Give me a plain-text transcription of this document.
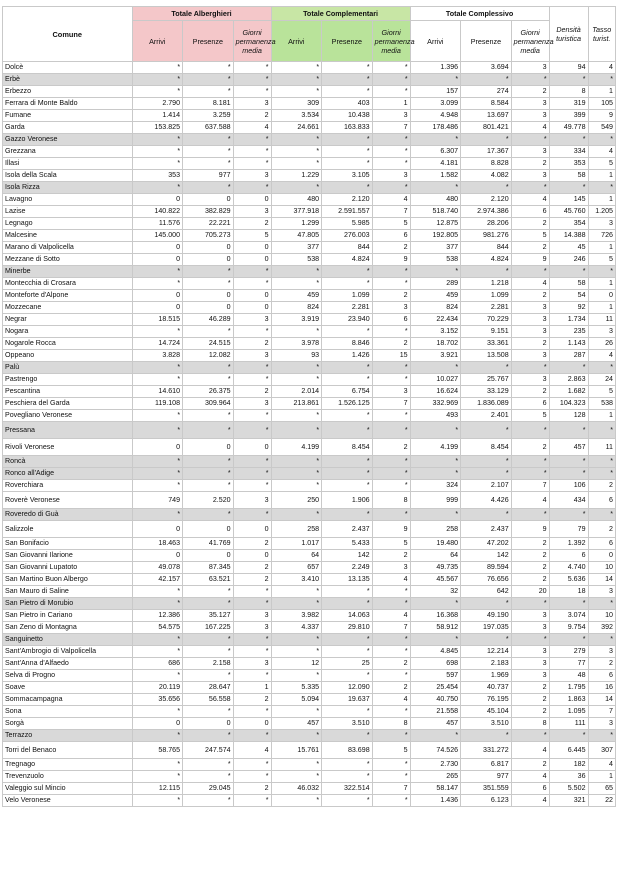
Comune	Totale Alberghieri			Totale Complementari			Totale Complessivo			Densità turistica	Tasso turist.
	Arrivi	Presenze	Giorni permanenza media	Arrivi	Presenze	Giorni permanenza media	Arrivi	Presenze	Giorni permanenza media		
Dolcè	*	*	*	*	*	*	1.396	3.694	3	94	4
Erbè	*	*	*	*	*	*	*	*	*	*	*
Erbezzo	*	*	*	*	*	*	157	274	2	8	1
Ferrara di Monte Baldo	2.790	8.181	3	309	403	1	3.099	8.584	3	319	105
Fumane	1.414	3.259	2	3.534	10.438	3	4.948	13.697	3	399	9
Garda	153.825	637.588	4	24.661	163.833	7	178.486	801.421	4	49.778	549
Gazzo Veronese	*	*	*	*	*	*	*	*	*	*	*
Grezzana	*	*	*	*	*	*	6.307	17.367	3	334	4
Illasi	*	*	*	*	*	*	4.181	8.828	2	353	5
Isola della Scala	353	977	3	1.229	3.105	3	1.582	4.082	3	58	1
Isola Rizza	*	*	*	*	*	*	*	*	*	*	*
Lavagno	0	0	0	480	2.120	4	480	2.120	4	145	1
Lazise	140.822	382.829	3	377.918	2.591.557	7	518.740	2.974.386	6	45.760	1.205
Legnago	11.576	22.221	2	1.299	5.985	5	12.875	28.206	2	354	3
Malcesine	145.000	705.273	5	47.805	276.003	6	192.805	981.276	5	14.388	726
Marano di Valpolicella	0	0	0	377	844	2	377	844	2	45	1
Mezzane di Sotto	0	0	0	538	4.824	9	538	4.824	9	246	5
Minerbe	*	*	*	*	*	*	*	*	*	*	*
Montecchia di Crosara	*	*	*	*	*	*	289	1.218	4	58	1
Monteforte d'Alpone	0	0	0	459	1.099	2	459	1.099	2	54	0
Mozzecane	0	0	0	824	2.281	3	824	2.281	3	92	1
Negrar	18.515	46.289	3	3.919	23.940	6	22.434	70.229	3	1.734	11
Nogara	*	*	*	*	*	*	3.152	9.151	3	235	3
Nogarole Rocca	14.724	24.515	2	3.978	8.846	2	18.702	33.361	2	1.143	26
Oppeano	3.828	12.082	3	93	1.426	15	3.921	13.508	3	287	4
Palù	*	*	*	*	*	*	*	*	*	*	*
Pastrengo	*	*	*	*	*	*	10.027	25.767	3	2.863	24
Pescantina	14.610	26.375	2	2.014	6.754	3	16.624	33.129	2	1.682	5
Peschiera del Garda	119.108	309.964	3	213.861	1.526.125	7	332.969	1.836.089	6	104.323	538
Povegliano Veronese	*	*	*	*	*	*	493	2.401	5	128	1
Pressana	*	*	*	*	*	*	*	*	*	*	*
Rivoli Veronese	0	0	0	4.199	8.454	2	4.199	8.454	2	457	11
Roncà	*	*	*	*	*	*	*	*	*	*	*
Ronco all'Adige	*	*	*	*	*	*	*	*	*	*	*
Roverchiara	*	*	*	*	*	*	324	2.107	7	106	2
Roverè Veronese	749	2.520	3	250	1.906	8	999	4.426	4	434	6
Roveredo di Guà	*	*	*	*	*	*	*	*	*	*	*
Salizzole	0	0	0	258	2.437	9	258	2.437	9	79	2
San Bonifacio	18.463	41.769	2	1.017	5.433	5	19.480	47.202	2	1.392	6
San Giovanni Ilarione	0	0	0	64	142	2	64	142	2	6	0
San Giovanni Lupatoto	49.078	87.345	2	657	2.249	3	49.735	89.594	2	4.740	10
San Martino Buon Albergo	42.157	63.521	2	3.410	13.135	4	45.567	76.656	2	5.636	14
San Mauro di Saline	*	*	*	*	*	*	32	642	20	18	3
San Pietro di Morubio	*	*	*	*	*	*	*	*	*	*	*
San Pietro in Cariano	12.386	35.127	3	3.982	14.063	4	16.368	49.190	3	3.074	10
San Zeno di Montagna	54.575	167.225	3	4.337	29.810	7	58.912	197.035	3	9.754	392
Sanguinetto	*	*	*	*	*	*	*	*	*	*	*
Sant'Ambrogio di Valpolicella	*	*	*	*	*	*	4.845	12.214	3	279	3
Sant'Anna d'Alfaedo	686	2.158	3	12	25	2	698	2.183	3	77	2
Selva di Progno	*	*	*	*	*	*	597	1.969	3	48	6
Soave	20.119	28.647	1	5.335	12.090	2	25.454	40.737	2	1.795	16
Sommacampagna	35.656	56.558	2	5.094	19.637	4	40.750	76.195	2	1.863	14
Sona	*	*	*	*	*	*	21.558	45.104	2	1.095	7
Sorgà	0	0	0	457	3.510	8	457	3.510	8	111	3
Terrazzo	*	*	*	*	*	*	*	*	*	*	*
Torri del Benaco	58.765	247.574	4	15.761	83.698	5	74.526	331.272	4	6.445	307
Tregnago	*	*	*	*	*	*	2.730	6.817	2	182	4
Trevenzuolo	*	*	*	*	*	*	265	977	4	36	1
Valeggio sul Mincio	12.115	29.045	2	46.032	322.514	7	58.147	351.559	6	5.502	65
Velo Veronese	*	*	*	*	*	*	1.436	6.123	4	321	22
